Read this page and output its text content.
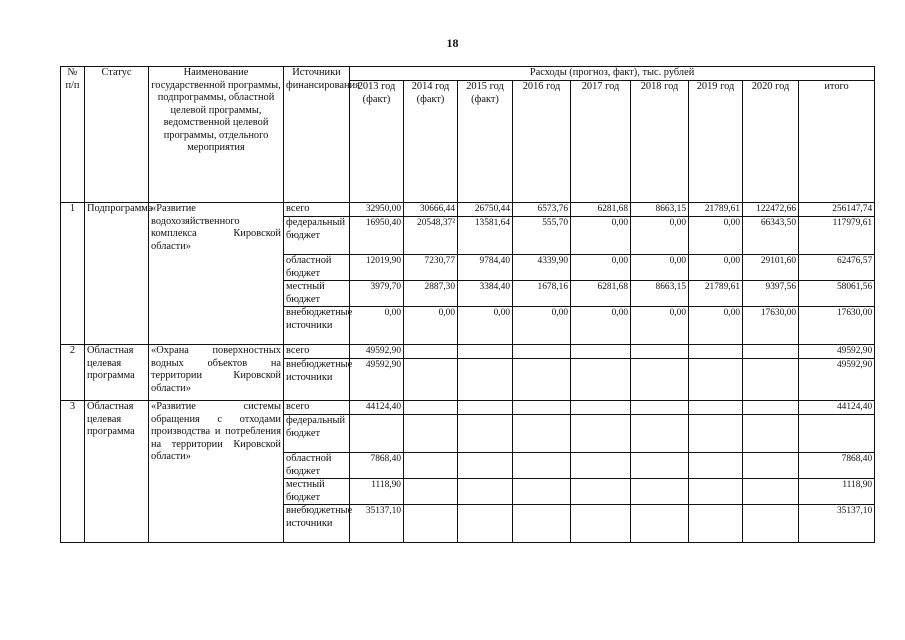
18
№ п/п	Статус	Наименование государственной программы, подпрограммы, областной целевой программы, ведомственной целевой программы, отдельного мероприятия	Источники финансирования	Расходы (прогноз, факт), тыс. рублей								
				2013 год (факт)	2014 год (факт)	2015 год (факт)	2016 год	2017 год	2018 год	2019 год	2020 год	итого
1	Подпрограмма	«Развитие водохозяйственного комплекса Кировской области»	всего	32950,00	30666,44	26750,44	6573,76	6281,68	8663,15	21789,61	122472,66	256147,74
			федеральный бюджет	16950,40	20548,37²	13581,64	555,70	0,00	0,00	0,00	66343,50	117979,61
			областной бюджет	12019,90	7230,77	9784,40	4339,90	0,00	0,00	0,00	29101,60	62476,57
			местный бюджет	3979,70	2887,30	3384,40	1678,16	6281,68	8663,15	21789,61	9397,56	58061,56
			внебюджетные источники	0,00	0,00	0,00	0,00	0,00	0,00	0,00	17630,00	17630,00
2	Областная целевая программа	«Охрана поверхностных водных объектов на территории Кировской области»	всего	49592,90								49592,90
			внебюджетные источники	49592,90								49592,90
3	Областная целевая программа	«Развитие системы обращения с отходами производства и потребления на территории Кировской области»	всего	44124,40								44124,40
			федеральный бюджет									
			областной бюджет	7868,40								7868,40
			местный бюджет	1118,90								1118,90
			внебюджетные источники	35137,10								35137,10
